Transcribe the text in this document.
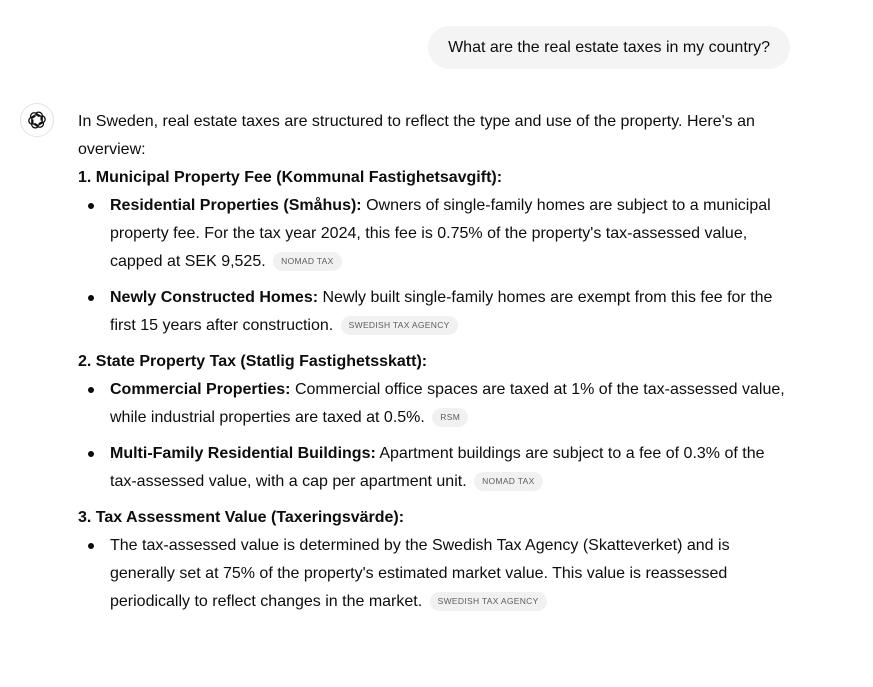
What are the real estate taxes in my country?

In Sweden, real estate taxes are structured to reflect the type and use of the property. Here's an overview:

1. Municipal Property Fee (Kommunal Fastighetsavgift):

Residential Properties (Småhus): Owners of single-family homes are subject to a municipal property fee. For the tax year 2024, this fee is 0.75% of the property's tax-assessed value, capped at SEK 9,525. NOMAD TAX
Newly Constructed Homes: Newly built single-family homes are exempt from this fee for the first 15 years after construction. SWEDISH TAX AGENCY

2. State Property Tax (Statlig Fastighetsskatt):

Commercial Properties: Commercial office spaces are taxed at 1% of the tax-assessed value, while industrial properties are taxed at 0.5%. RSM
Multi-Family Residential Buildings: Apartment buildings are subject to a fee of 0.3% of the tax-assessed value, with a cap per apartment unit. NOMAD TAX

3. Tax Assessment Value (Taxeringsvärde):

The tax-assessed value is determined by the Swedish Tax Agency (Skatteverket) and is generally set at 75% of the property's estimated market value. This value is reassessed periodically to reflect changes in the market. SWEDISH TAX AGENCY
